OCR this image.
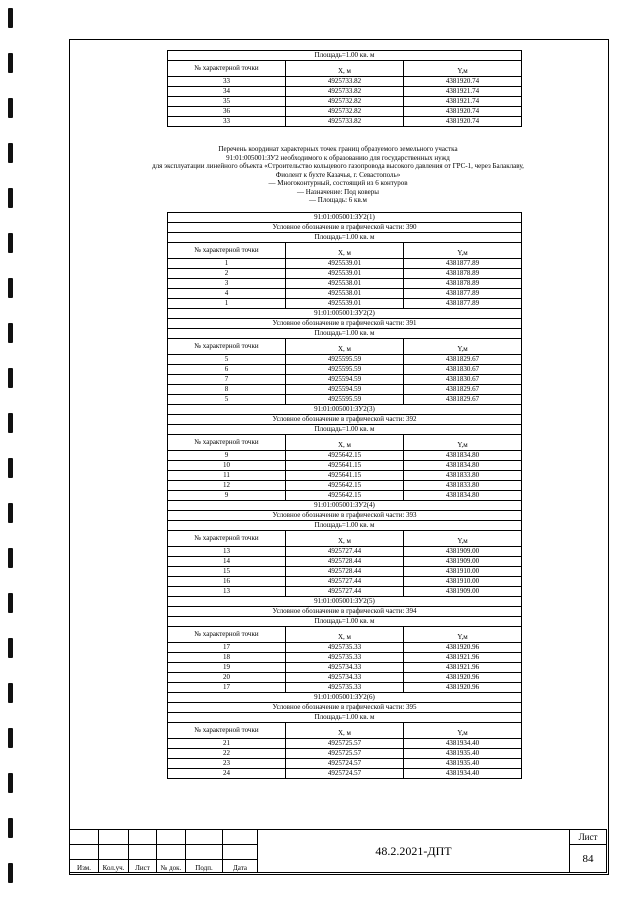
Площадь=1.00 кв. м		
№ характерной точки	X, м	Y,м
33	4925733.82	4381920.74
34	4925733.82	4381921.74
35	4925732.82	4381921.74
36	4925732.82	4381920.74
33	4925733.82	4381920.74
Перечень координат характерных точек границ образуемого земельного участка
91:01:005001:ЗУ2 необходимого к образованию для государственных нужд
для эксплуатации линейного объекта «Строительство кольцевого газопровода высокого давления от ГРС-1, через Балаклаву,
Фиолент к бухте Казачья, г. Севастополь»
— Многоконтурный, состоящий из 6 контуров
— Назначение: Под коверы
— Площадь: 6 кв.м
91:01:005001:ЗУ2(1)		
Условное обозначение в графической части: 390		
Площадь=1.00 кв. м		
№ характерной точки	X, м	Y,м
1	4925539.01	4381877.89
2	4925539.01	4381878.89
3	4925538.01	4381878.89
4	4925538.01	4381877.89
1	4925539.01	4381877.89
91:01:005001:ЗУ2(2)		
Условное обозначение в графической части: 391		
Площадь=1.00 кв. м		
№ характерной точки	X, м	Y,м
5	4925595.59	4381829.67
6	4925595.59	4381830.67
7	4925594.59	4381830.67
8	4925594.59	4381829.67
5	4925595.59	4381829.67
91:01:005001:ЗУ2(3)		
Условное обозначение в графической части: 392		
Площадь=1.00 кв. м		
№ характерной точки	X, м	Y,м
9	4925642.15	4381834.80
10	4925641.15	4381834.80
11	4925641.15	4381833.80
12	4925642.15	4381833.80
9	4925642.15	4381834.80
91:01:005001:ЗУ2(4)		
Условное обозначение в графической части: 393		
Площадь=1.00 кв. м		
№ характерной точки	X, м	Y,м
13	4925727.44	4381909.00
14	4925728.44	4381909.00
15	4925728.44	4381910.00
16	4925727.44	4381910.00
13	4925727.44	4381909.00
91:01:005001:ЗУ2(5)		
Условное обозначение в графической части: 394		
Площадь=1.00 кв. м		
№ характерной точки	X, м	Y,м
17	4925735.33	4381920.96
18	4925735.33	4381921.96
19	4925734.33	4381921.96
20	4925734.33	4381920.96
17	4925735.33	4381920.96
91:01:005001:ЗУ2(6)		
Условное обозначение в графической части: 395		
Площадь=1.00 кв. м		
№ характерной точки	X, м	Y,м
21	4925725.57	4381934.40
22	4925725.57	4381935.40
23	4925724.57	4381935.40
24	4925724.57	4381934.40
						48.2.2021-ДПТ	Лист
							84
Изм.	Кол.уч.	Лист	№ док.	Подп.	Дата		
